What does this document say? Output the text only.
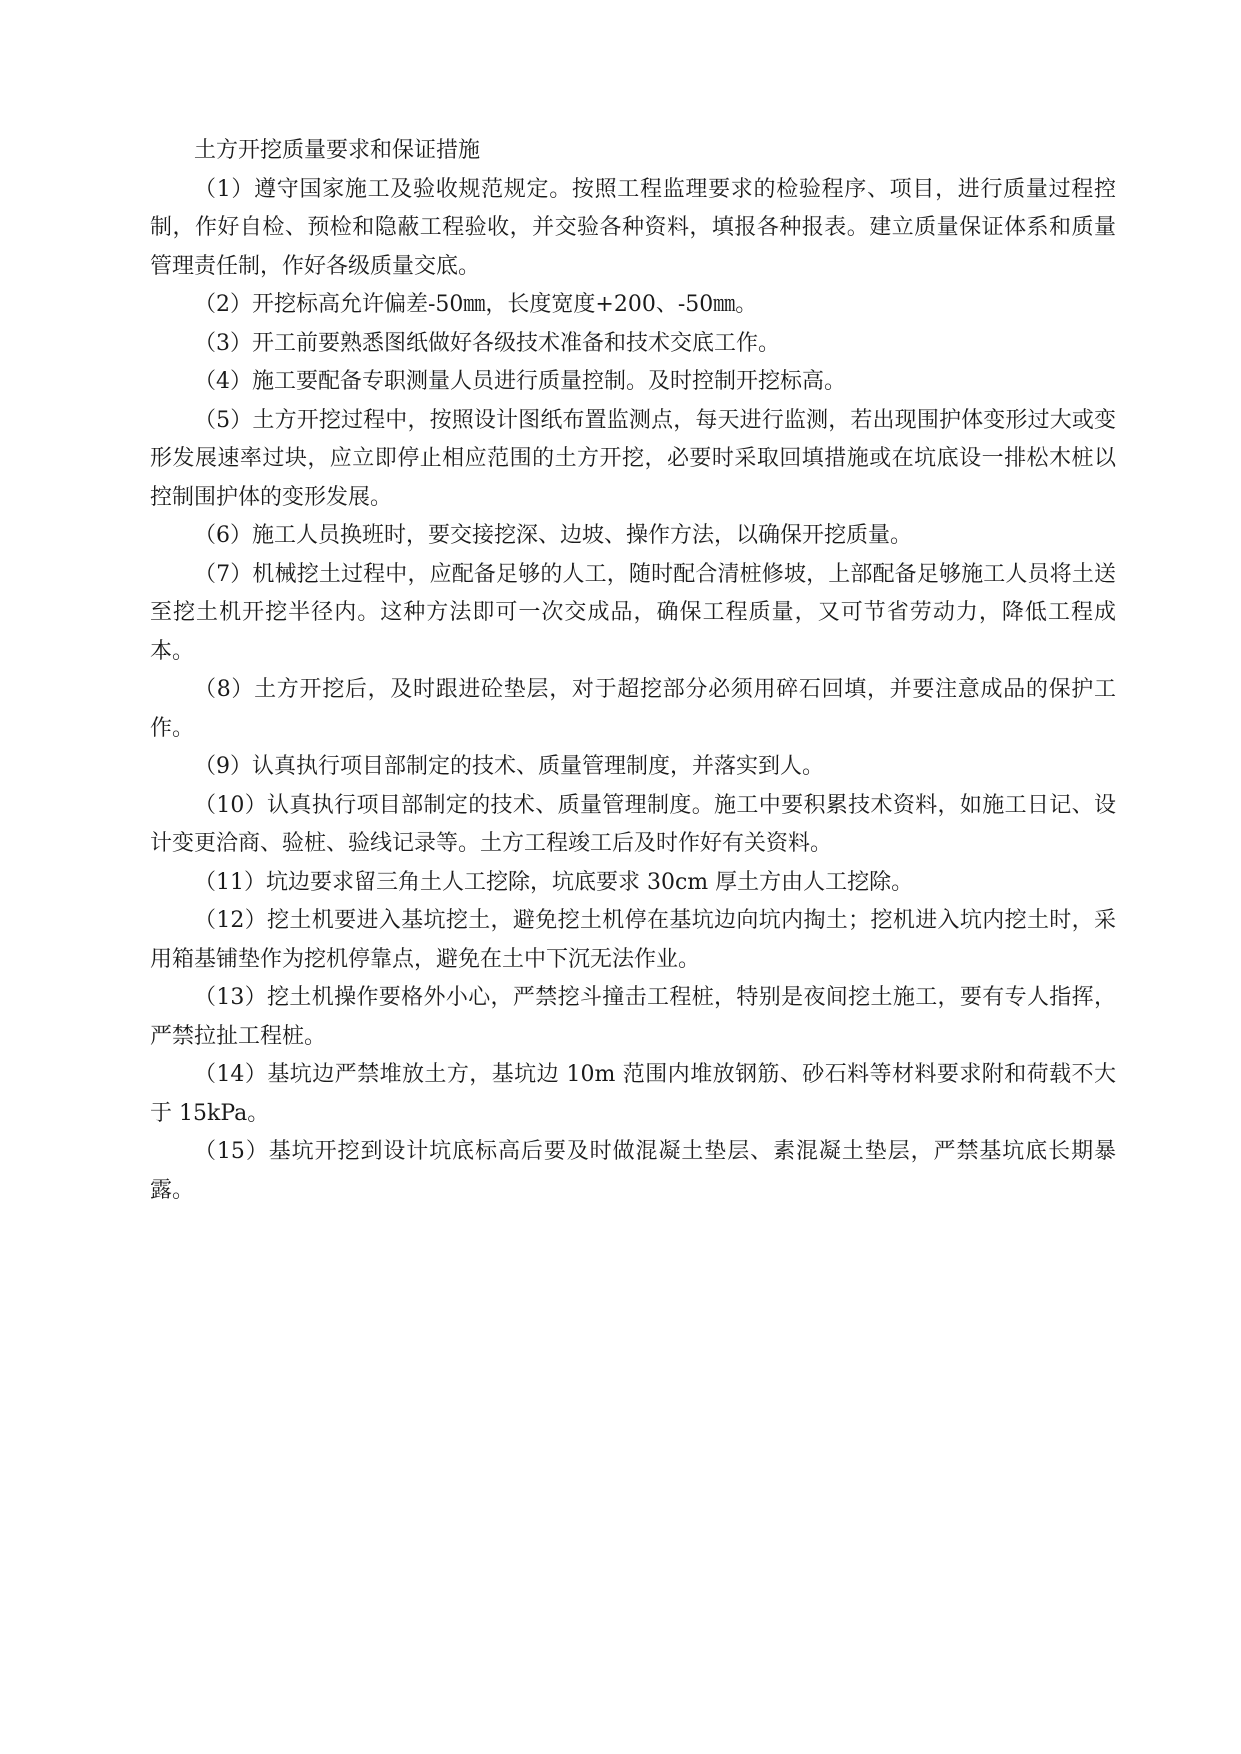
土方开挖质量要求和保证措施

（1）遵守国家施工及验收规范规定。按照工程监理要求的检验程序、项目，进行质量过程控制，作好自检、预检和隐蔽工程验收，并交验各种资料，填报各种报表。建立质量保证体系和质量管理责任制，作好各级质量交底。

（2）开挖标高允许偏差-50㎜，长度宽度+200、-50㎜。

（3）开工前要熟悉图纸做好各级技术准备和技术交底工作。

（4）施工要配备专职测量人员进行质量控制。及时控制开挖标高。

（5）土方开挖过程中，按照设计图纸布置监测点，每天进行监测，若出现围护体变形过大或变形发展速率过块，应立即停止相应范围的土方开挖，必要时采取回填措施或在坑底设一排松木桩以控制围护体的变形发展。

（6）施工人员换班时，要交接挖深、边坡、操作方法，以确保开挖质量。

（7）机械挖土过程中，应配备足够的人工，随时配合清桩修坡，上部配备足够施工人员将土送至挖土机开挖半径内。这种方法即可一次交成品，确保工程质量，又可节省劳动力，降低工程成本。

（8）土方开挖后，及时跟进砼垫层，对于超挖部分必须用碎石回填，并要注意成品的保护工作。

（9）认真执行项目部制定的技术、质量管理制度，并落实到人。

（10）认真执行项目部制定的技术、质量管理制度。施工中要积累技术资料，如施工日记、设计变更洽商、验桩、验线记录等。土方工程竣工后及时作好有关资料。

（11）坑边要求留三角土人工挖除，坑底要求 30cm 厚土方由人工挖除。

（12）挖土机要进入基坑挖土，避免挖土机停在基坑边向坑内掏土；挖机进入坑内挖土时，采用箱基铺垫作为挖机停靠点，避免在土中下沉无法作业。

（13）挖土机操作要格外小心，严禁挖斗撞击工程桩，特别是夜间挖土施工，要有专人指挥，严禁拉扯工程桩。

（14）基坑边严禁堆放土方，基坑边 10m 范围内堆放钢筋、砂石料等材料要求附和荷载不大于 15kPa。

（15）基坑开挖到设计坑底标高后要及时做混凝土垫层、素混凝土垫层，严禁基坑底长期暴露。
